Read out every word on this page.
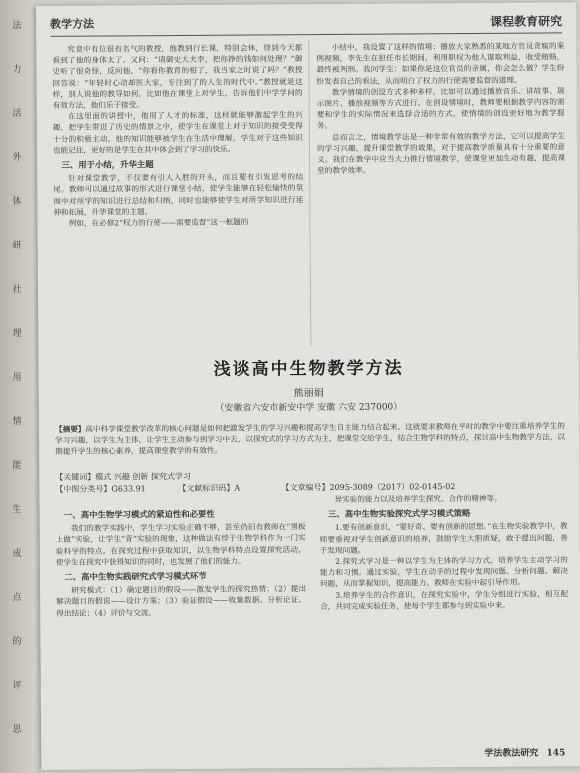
法
力
活
外
体
研
社
理
用
情
能
生
成
点
的
评
思
教学方法	课程教育研究

究竟中有位很有名气的教授，他教到行长课，特别会休，待到今天都看到了他的身体太了。又问：“请御史大夫李，把你挣的钱如何处理？”御史听了很奇怪，反问他。“你看你教育的相了，我当家之时说了吗？”教授回答说：“年轻时心动却医大家，专注到了的人生的时代中。”教授就是这样，别人说他的教导如何，比如他在课堂上对学生，告诉他们中学学问的有效方法，他们乐于接受。

在这里面的讲授中，他用了人才的标准，这样就能够激起学生的兴趣，把学生带进了历史的情景之中，使学生在课堂上对于知识的接受变得十分的积极主动。他的知识能够被学生在生活中理解，学生对于这些知识也能记住，更好的是学生在其中体会到了学习的快乐。

三、用于小结，升华主题

针对课堂教学，不仅要有引人入胜的开头，而且要有引发思考的结尾。教师可以通过故事的形式进行课堂小结，使学生能够在轻松愉快的氛围中对所学的知识进行总结和归纳，同时也能够使学生对所学知识进行延伸和拓展，升华课堂的主题。

例如，在必修2“权力的行使——需要监督”这一框题的

小结中，我设置了这样的情境：播放大家熟悉的某地方官员贪腐的案例视频，李先生在担任市长期间，利用职权为他人谋取利益，收受贿赂，最终被判刑。我问学生：如果你是这位官员的亲属，你会怎么做？学生纷纷发表自己的看法，从而明白了权力的行使需要监督的道理。

教学情境的创设方式多种多样，比如可以通过播放音乐、讲故事、展示图片、播放视频等方式进行。在创设情境时，教师要根据教学内容的需要和学生的实际情况来选择合适的方式，使情境的创设更好地为教学服务。

总而言之，情境教学法是一种非常有效的教学方法，它可以提高学生的学习兴趣，提升课堂教学的效果，对于提高教学质量具有十分重要的意义。我们在教学中应当大力推行情境教学，使课堂更加生动有趣，提高课堂的教学效率。

浅谈高中生物教学方法
熊丽娟
（安徽省六安市新安中学 安徽 六安 237000）
【摘要】高中科学课堂教学改革的核心问题是如何把激发学生的学习兴趣和提高学生自主能力结合起来。这就要求教师在平时的教学中要注重培养学生的学习兴趣，以学生为主体，让学生主动参与到学习中去，以探究式的学习方式为主，把课堂交给学生，结合生物学科的特点，探讨高中生物教学方法，以期提升学生的核心素养，提高课堂教学的有效性。
【关键词】模式 兴趣 创新 探究式学习
【中图分类号】G633.91	【文献标识码】A	【文章编号】2095-3089（2017）02-0145-02

一、高中生物学习模式的紧迫性和必要性

我们的教学实践中，学生学习实验正确不够，甚至仍旧有教师在“黑板上做”实验，让学生“背”实验的现象，这种做法有悖于生物学科作为一门实验科学的特点。在探究过程中获取知识，以生物学科特点设置探究活动，使学生在探究中获得知识的同时，也发展了他们的能力。

二、高中生物实践研究式学习模式环节

研究模式：（1）确定题目的假设——激发学生的探究热情；（2）提出解决题目的假说——设计方案；（3）验证假设——收集数据、分析论证、得出结论；（4）评价与交流。

异实验的能力以及培养学生探究、合作的精神等。

三、高中生物实验探究式学习模式策略

1.要有创新意识，“要好奇、要有创新的思想。”在生物实验教学中，教师要重视对学生创新意识的培养，鼓励学生大胆质疑，敢于提出问题，善于发现问题。

2.探究式学习是一种以学生为主体的学习方式，培养学生主动学习的能力和习惯。通过实验，学生在动手的过程中发现问题、分析问题、解决问题，从而掌握知识，提高能力。教师在实验中起引导作用。

3.培养学生的合作意识，在探究实验中，学生分组进行实验，相互配合，共同完成实验任务，使每个学生都参与到实验中来。

学法教法研究 145
